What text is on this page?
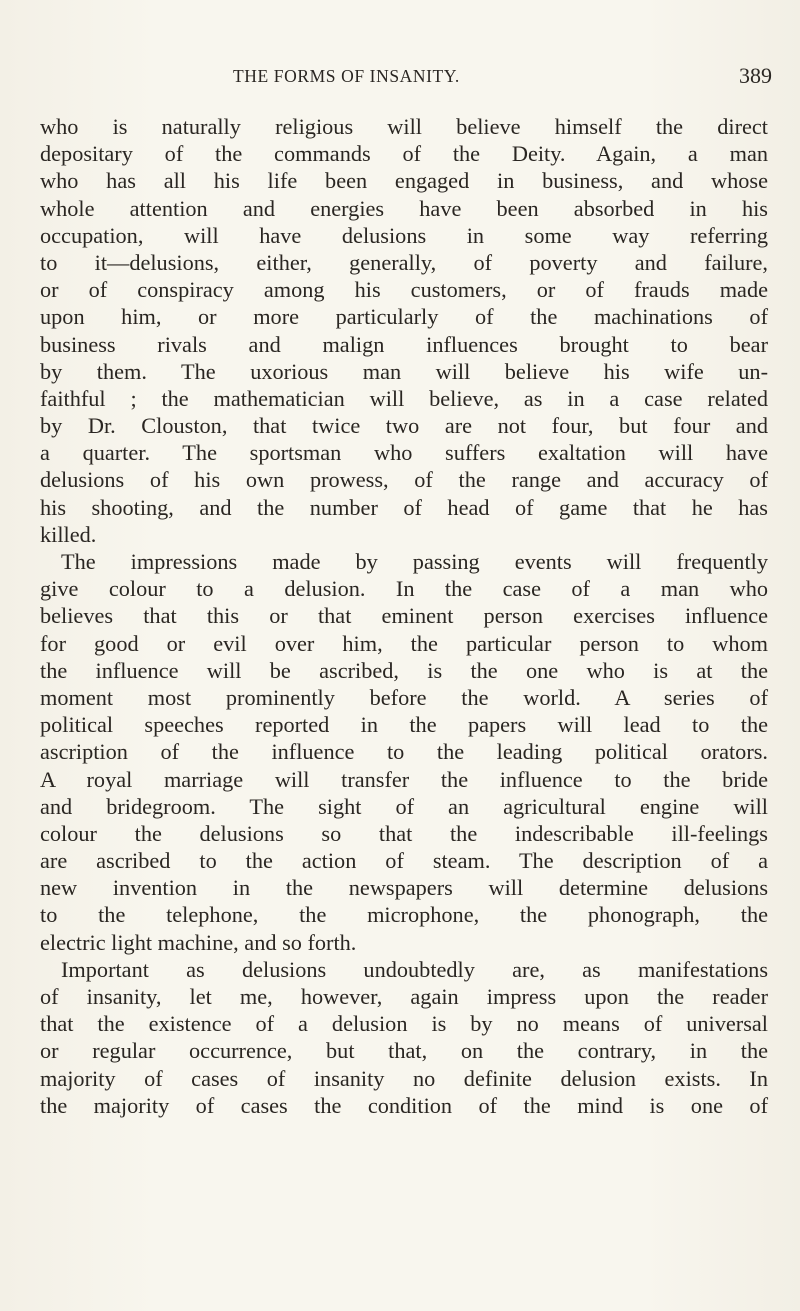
THE FORMS OF INSANITY.	389
who is naturally religious will believe himself the direct
depositary of the commands of the Deity. Again, a man
who has all his life been engaged in business, and whose
whole attention and energies have been absorbed in his
occupation, will have delusions in some way referring
to it—delusions, either, generally, of poverty and failure,
or of conspiracy among his customers, or of frauds made
upon him, or more particularly of the machinations of
business rivals and malign influences brought to bear
by them. The uxorious man will believe his wife un-
faithful ; the mathematician will believe, as in a case related
by Dr. Clouston, that twice two are not four, but four and
a quarter. The sportsman who suffers exaltation will have
delusions of his own prowess, of the range and accuracy of
his shooting, and the number of head of game that he has
killed.
The impressions made by passing events will frequently
give colour to a delusion. In the case of a man who
believes that this or that eminent person exercises influence
for good or evil over him, the particular person to whom
the influence will be ascribed, is the one who is at the
moment most prominently before the world. A series of
political speeches reported in the papers will lead to the
ascription of the influence to the leading political orators.
A royal marriage will transfer the influence to the bride
and bridegroom. The sight of an agricultural engine will
colour the delusions so that the indescribable ill-feelings
are ascribed to the action of steam. The description of a
new invention in the newspapers will determine delusions
to the telephone, the microphone, the phonograph, the
electric light machine, and so forth.
Important as delusions undoubtedly are, as manifestations
of insanity, let me, however, again impress upon the reader
that the existence of a delusion is by no means of universal
or regular occurrence, but that, on the contrary, in the
majority of cases of insanity no definite delusion exists. In
the majority of cases the condition of the mind is one of
